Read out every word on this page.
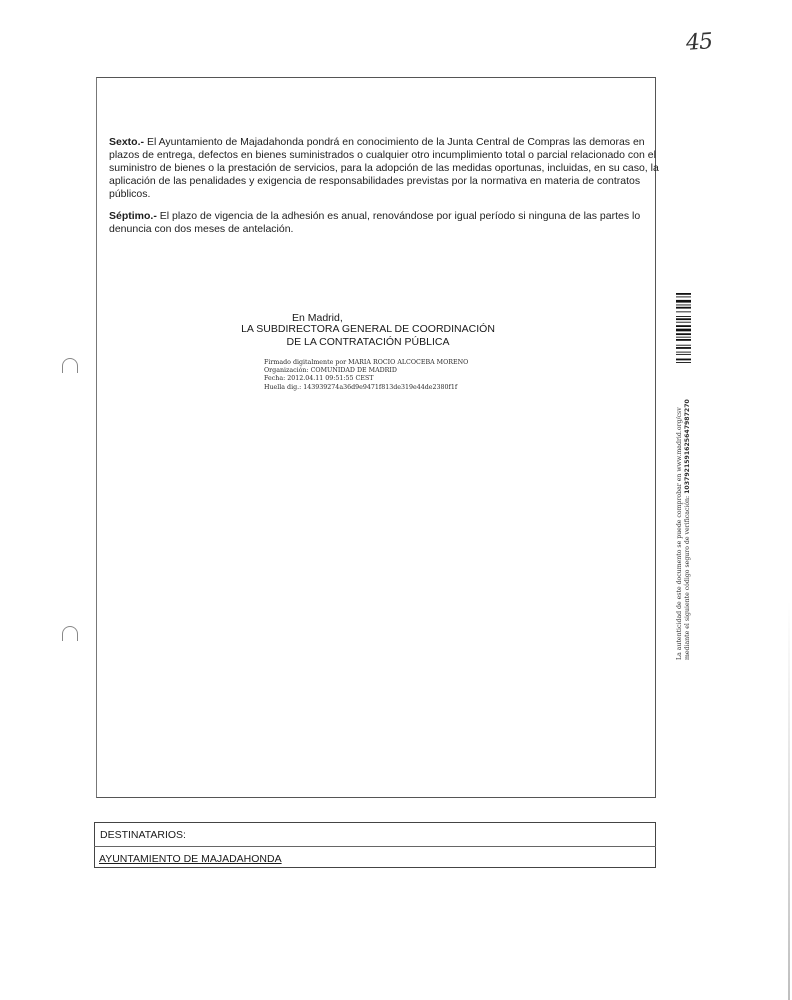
45

Sexto.- El Ayuntamiento de Majadahonda pondrá en conocimiento de la Junta Central de Compras las demoras en plazos de entrega, defectos en bienes suministrados o cualquier otro incumplimiento total o parcial relacionado con el suministro de bienes o la prestación de servicios, para la adopción de las medidas oportunas, incluidas, en su caso, la aplicación de las penalidades y exigencia de responsabilidades previstas por la normativa en materia de contratos públicos.

Séptimo.- El plazo de vigencia de la adhesión es anual, renovándose por igual período si ninguna de las partes lo denuncia con dos meses de antelación.

En Madrid,
LA SUBDIRECTORA GENERAL DE COORDINACIÓN
DE LA CONTRATACIÓN PÚBLICA
Firmado digitalmente por MARIA ROCIO ALCOCEBA MORENO
Organización: COMUNIDAD DE MADRID
Fecha: 2012.04.11 09:51:55 CEST
Huella dig.: 143939274a36d9e9471f813de319e44de2380f1f
La autenticidad de este documento se puede comprobar en www.madrid.org/csv mediante el siguiente código seguro de verificación: 1037921591625647987270
DESTINATARIOS:
AYUNTAMIENTO DE MAJADAHONDA
